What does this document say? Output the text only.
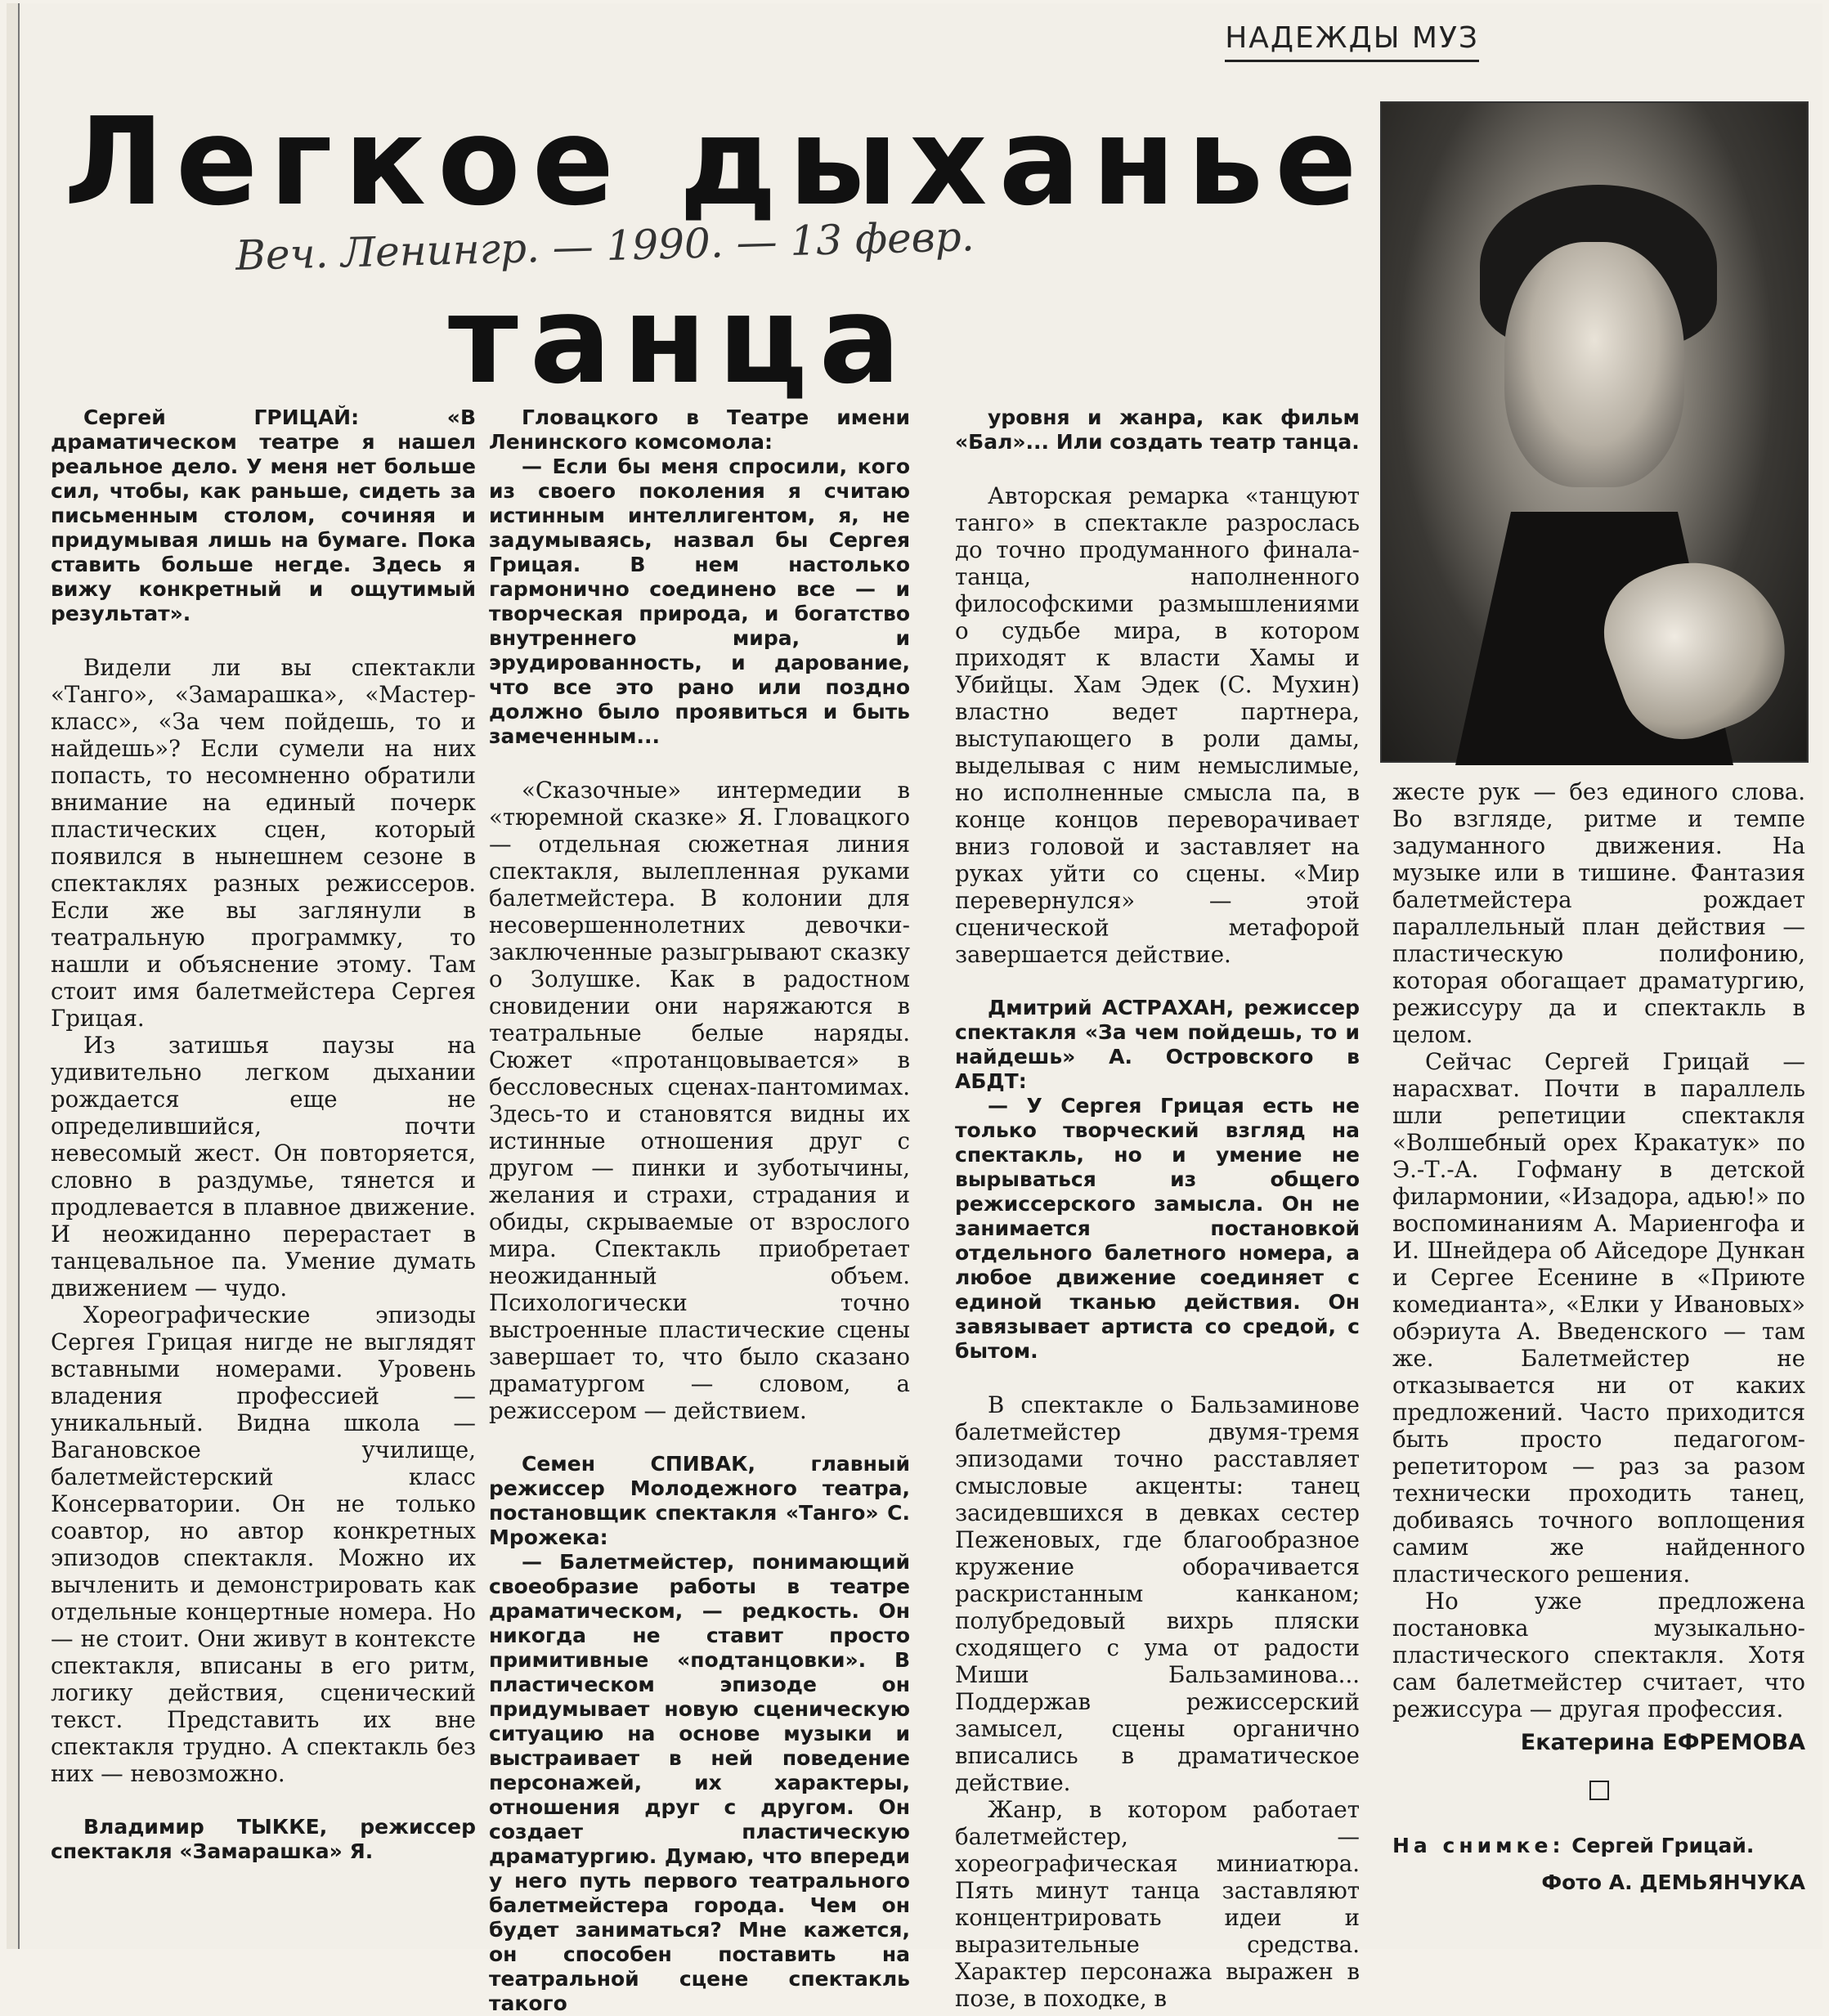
НАДЕЖДЫ МУЗ
Легкое дыханье
танца
Веч. Ленингр. — 1990. — 13 февр.

Сергей ГРИЦАЙ: «В драматическом театре я нашел реальное дело. У меня нет больше сил, чтобы, как раньше, сидеть за письменным столом, сочиняя и придумывая лишь на бумаге. Пока ставить больше негде. Здесь я вижу конкретный и ощутимый результат».

Видели ли вы спектакли «Танго», «Замарашка», «Мастер-класс», «За чем пойдешь, то и найдешь»? Если сумели на них попасть, то несомненно обратили внимание на единый почерк пластических сцен, который появился в нынешнем сезоне в спектаклях разных режиссеров. Если же вы заглянули в театральную программку, то нашли и объяснение этому. Там стоит имя балетмейстера Сергея Грицая.

Из затишья паузы на удивительно легком дыхании рождается еще не определившийся, почти невесомый жест. Он повторяется, словно в раздумье, тянется и продлевается в плавное движение. И неожиданно перерастает в танцевальное па. Умение думать движением — чудо.

Хореографические эпизоды Сергея Грицая нигде не выглядят вставными номерами. Уровень владения профессией — уникальный. Видна школа — Вагановское училище, балетмейстерский класс Консерватории. Он не только соавтор, но автор конкретных эпизодов спектакля. Можно их вычленить и демонстрировать как отдельные концертные номера. Но — не стоит. Они живут в контексте спектакля, вписаны в его ритм, логику действия, сценический текст. Представить их вне спектакля трудно. А спектакль без них — невозможно.

Владимир ТЫККЕ, режиссер спектакля «Замарашка» Я.

Гловацкого в Театре имени Ленинского комсомола:

— Если бы меня спросили, кого из своего поколения я считаю истинным интеллигентом, я, не задумываясь, назвал бы Сергея Грицая. В нем настолько гармонично соединено все — и творческая природа, и богатство внутреннего мира, и эрудированность, и дарование, что все это рано или поздно должно было проявиться и быть замеченным...

«Сказочные» интермедии в «тюремной сказке» Я. Гловацкого — отдельная сюжетная линия спектакля, вылепленная руками балетмейстера. В колонии для несовершеннолетних девочки-заключенные разыгрывают сказку о Золушке. Как в радостном сновидении они наряжаются в театральные белые наряды. Сюжет «протанцовывается» в бессловесных сценах-пантомимах. Здесь-то и становятся видны их истинные отношения друг с другом — пинки и зуботычины, желания и страхи, страдания и обиды, скрываемые от взрослого мира. Спектакль приобретает неожиданный объем. Психологически точно выстроенные пластические сцены завершает то, что было сказано драматургом — словом, а режиссером — действием.

Семен СПИВАК, главный режиссер Молодежного театра, постановщик спектакля «Танго» С. Мрожека:

— Балетмейстер, понимающий своеобразие работы в театре драматическом, — редкость. Он никогда не ставит просто примитивные «подтанцовки». В пластическом эпизоде он придумывает новую сценическую ситуацию на основе музыки и выстраивает в ней поведение персонажей, их характеры, отношения друг с другом. Он создает пластическую драматургию. Думаю, что впереди у него путь первого театрального балетмейстера города. Чем он будет заниматься? Мне кажется, он способен поставить на театральной сцене спектакль такого

уровня и жанра, как фильм «Бал»... Или создать театр танца.

Авторская ремарка «танцуют танго» в спектакле разрослась до точно продуманного финала-танца, наполненного философскими размышлениями о судьбе мира, в котором приходят к власти Хамы и Убийцы. Хам Эдек (С. Мухин) властно ведет партнера, выступающего в роли дамы, выделывая с ним немыслимые, но исполненные смысла па, в конце концов переворачивает вниз головой и заставляет на руках уйти со сцены. «Мир перевернулся» — этой сценической метафорой завершается действие.

Дмитрий АСТРАХАН, режиссер спектакля «За чем пойдешь, то и найдешь» А. Островского в АБДТ:

— У Сергея Грицая есть не только творческий взгляд на спектакль, но и умение не вырываться из общего режиссерского замысла. Он не занимается постановкой отдельного балетного номера, а любое движение соединяет с единой тканью действия. Он завязывает артиста со средой, с бытом.

В спектакле о Бальзаминове балетмейстер двумя-тремя эпизодами точно расставляет смысловые акценты: танец засидевшихся в девках сестер Пеженовых, где благообразное кружение оборачивается раскристанным канканом; полубредовый вихрь пляски сходящего с ума от радости Миши Бальзаминова... Поддержав режиссерский замысел, сцены органично вписались в драматическое действие.

Жанр, в котором работает балетмейстер, — хореографическая миниатюра. Пять минут танца заставляют концентрировать идеи и выразительные средства. Характер персонажа выражен в позе, в походке, в

жесте рук — без единого слова. Во взгляде, ритме и темпе задуманного движения. На музыке или в тишине. Фантазия балетмейстера рождает параллельный план действия — пластическую полифонию, которая обогащает драматургию, режиссуру да и спектакль в целом.

Сейчас Сергей Грицай — нарасхват. Почти в параллель шли репетиции спектакля «Волшебный орех Кракатук» по Э.-Т.-А. Гофману в детской филармонии, «Изадора, адью!» по воспоминаниям А. Мариенгофа и И. Шнейдера об Айседоре Дункан и Сергее Есенине в «Приюте комедианта», «Елки у Ивановых» обэриута А. Введенского — там же. Балетмейстер не отказывается ни от каких предложений. Часто приходится быть просто педагогом-репетитором — раз за разом технически проходить танец, добиваясь точного воплощения самим же найденного пластического решения.

Но уже предложена постановка музыкально-пластического спектакля. Хотя сам балетмейстер считает, что режиссура — другая профессия.

Екатерина ЕФРЕМОВА
На снимке: Сергей Грицай.
Фото А. ДЕМЬЯНЧУКА
